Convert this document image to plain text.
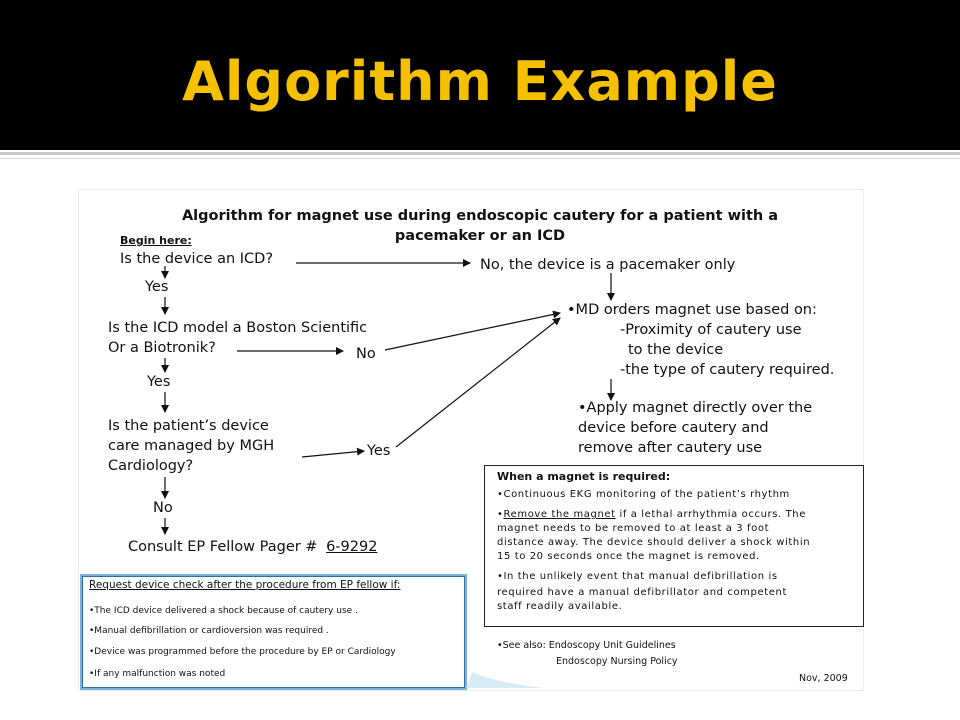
Algorithm Example
Algorithm for magnet use during endoscopic cautery for a patient with a
pacemaker or an ICD
Begin here:
Is the device an ICD?	No, the device is a pacemaker only
Yes
Is the ICD model a Boston Scientific
Or a Biotronik?	No
Yes
Is the patient’s device
care managed by MGH
Cardiology?
Yes
No
Consult EP Fellow Pager # 6-9292
•MD orders magnet use based on:
-Proximity of cautery use
to the device
-the type of cautery required.
•Apply magnet directly over the
device before cautery and
remove after cautery use
When a magnet is required:
•Continuous EKG monitoring of the patient’s rhythm
•Remove the magnet if a lethal arrhythmia occurs. The
magnet needs to be removed to at least a 3 foot
distance away. The device should deliver a shock within
15 to 20 seconds once the magnet is removed.
•In the unlikely event that manual defibrillation is
required have a manual defibrillator and competent
staff readily available.
•See also: Endoscopy Unit Guidelines
Endoscopy Nursing Policy
Nov, 2009
Request device check after the procedure from EP fellow if:
•The ICD device delivered a shock because of cautery use .
•Manual defibrillation or cardioversion was required .
•Device was programmed before the procedure by EP or Cardiology
•If any malfunction was noted
